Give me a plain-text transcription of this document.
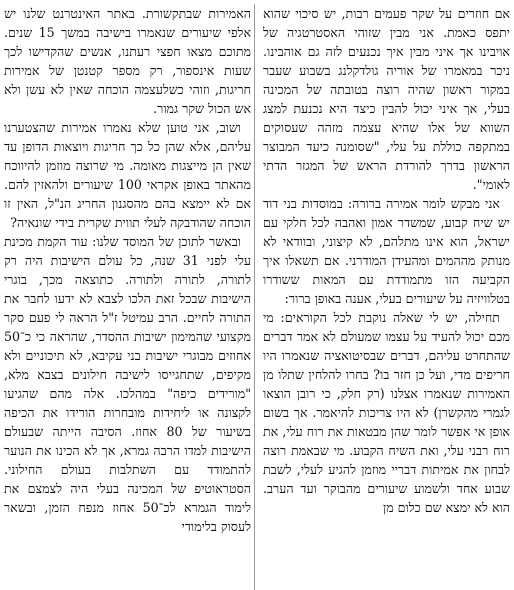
האמירות שבתקשורת. באתר האינטרנט שלנו יש אלפי שיעורים שנאמרו בישיבה במשך 15 שנים. מתוכם מצאו חפצי רעתנו, אנשים שהקדישו לכך שעות אינספור, רק מספר קטנטן של אמירות חריגות, וזוהי כשלעצמה הוכחה שאין לא עשן ולא אש הכול שקר גמור.

ושוב, אני טוען שלא נאמרו אמירות שהצטערנו עליהם, אלא שהן כל כך חריגות ויוצאות הדופן עד שאין הן מייצגות מאומה. מי שרוצה מוזמן להיווכח מהאתר באופן אקראי 100 שיעורים ולהאזין להם. אם לא יימצא בהם מהסגנון החריג הנ"ל, האין זו הוכחה שהודבקה לעלי תווית שקרית בידי שונאיה?

ובאשר לתוכן של המוסד שלנו: עוד הקמת מכינת עלי לפני 31 שנה, כל עולם הישיבות היה רק לתורה, לתורה ולתורה. כתוצאה מכך, בוגרי הישיבות שבכל זאת הלכו לצבא לא ידעו לחבר את התורה לחיים. הרב עמיטל ז"ל הראה לי פעם סקר מקצועי שהמימון ישיבות ההסדר, שהראה כי כ־50 אחוזים מבוגרי ישיבות בני עקיבא, לא תיכוניים ולא מקיפים, שתחגייסו לישיבה חילונים בצבא מלא, "מורידים כיפה" במהלכו. אלה מהם שהגיעו לקצונה או ליחידות מובחרות הורידו את הכיפה בשיעור של 80 אחוז. הסיבה הייתה שבעולם הישיבות למדו הרבה גמרא, אך לא הכינו את הנוער להתמודד עם השתלבות בעולם החילוני. הסטראוטיפ של המכינה בעלי היה לצמצם את לימוד הגמרא לכ־50 אחוז מנפח הזמן, ובשאר לעסוק בלימודי

אם חוזרים על שקר פעמים רבות, יש סיכוי שהוא יתפס כאמת. אני מבין שזוהי האסטרטגיה של אויבינו אך איני מבין איך נכנעים לזה גם אוהבינו. ניכר במאמרו של אוריה גולדקלנג בשבוע שעבר במקור ראשון שהיה רוצה בטובתה של המכינה בעלי, אך איני יכול להבין כיצד היא נכנעת למצג השווא של אלו שהיא עצמה מזהה שעסוקים במתקפה כוללת על עלי, "שסומנה כיעד המבוצר הראשון בדרך להורדת הראש של המגזר הדתי לאומי".

אני מבקש לומר אמירה ברורה: במוסדות בני דוד יש שיח קבוע, שמשדר אמון ואהבה לכל חלקי עם ישראל, הוא אינו מתלהם, לא קיצוני, ובוודאי לא מנותק מההמים ומהעידן המודרני. אם תשאלו איך הקביעה הזו מתמודדת עם המאות ששודרו בטלוויזיה על שיעורים בעלי, אענה באופן ברור:

תחילה, יש לי שאלה נוקבת לכל הקוראים: מי מכם יכול להעיד על עצמו שמעולם לא אמר דברים שהתחרט עליהם, דברים שבסיטואציה שנאמרו היו חריפים מדי, ועל כן חזר בו? בחרו להלחין שתלו מן האמירות שנאמרו אצלנו (רק חלק, כי רובן הוצאו לגמרי מהקשרן) לא היו צריכות להיאמר. אך בשום אופן אי אפשר לומר שהן מבטאות את רוח עלי, את רוח רבני עלי, ואת השיח הקבוע. מי שבאמת רוצה לבחון את אמיתות דבריי מוזמן להגיע לעלי, לשבת שבוע אחד ולשמוע שיעורים מהבוקר ועד הערב. הוא לא ימצא שם כלום מן
